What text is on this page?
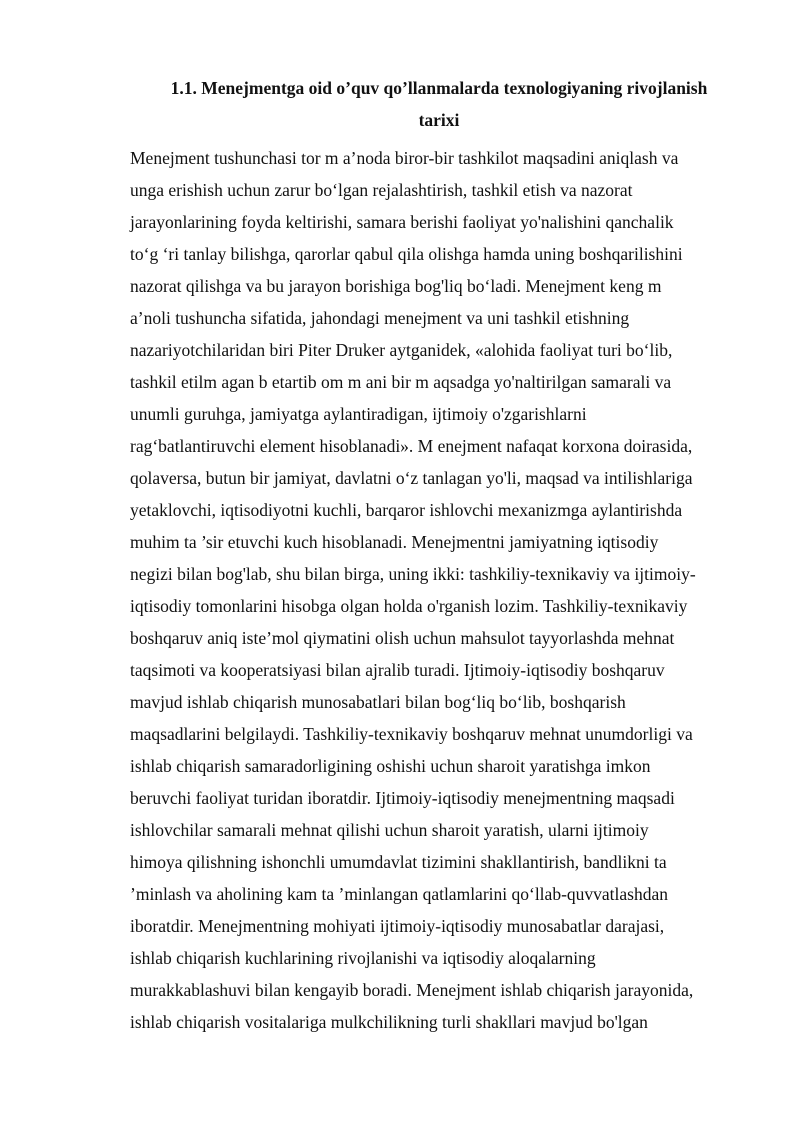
1.1. Menejmentga oid o’quv qo’llanmalarda texnologiyaning rivojlanish
tarixi
Menejment tushunchasi tor m a’noda biror-bir tashkilot maqsadini aniqlash va
unga erishish uchun zarur boʻlgan rejalashtirish, tashkil etish va nazorat
jarayonlarining foyda keltirishi, samara berishi faoliyat yo'nalishini qanchalik
toʻg ʻri tanlay bilishga, qarorlar qabul qila olishga hamda uning boshqarilishini
nazorat qilishga va bu jarayon borishiga bog'liq boʻladi. Menejment keng m
a’noli tushuncha sifatida, jahondagi menejment va uni tashkil etishning
nazariyotchilaridan biri Piter Druker aytganidek, «alohida faoliyat turi boʻlib,
tashkil etilm agan b etartib om m ani bir m aqsadga yo'naltirilgan samarali va
unumli guruhga, jamiyatga aylantiradigan, ijtimoiy o'zgarishlarni
ragʻbatlantiruvchi element hisoblanadi». M enejment nafaqat korxona doirasida,
qolaversa, butun bir jamiyat, davlatni oʻz tanlagan yo'li, maqsad va intilishlariga
yetaklovchi, iqtisodiyotni kuchli, barqaror ishlovchi mexanizmga aylantirishda
muhim ta ’sir etuvchi kuch hisoblanadi. Menejmentni jamiyatning iqtisodiy
negizi bilan bog'lab, shu bilan birga, uning ikki: tashkiliy-texnikaviy va ijtimoiy-
iqtisodiy tomonlarini hisobga olgan holda o'rganish lozim. Tashkiliy-texnikaviy
boshqaruv aniq iste’mol qiymatini olish uchun mahsulot tayyorlashda mehnat
taqsimoti va kooperatsiyasi bilan ajralib turadi. Ijtimoiy-iqtisodiy boshqaruv
mavjud ishlab chiqarish munosabatlari bilan bogʻliq boʻlib, boshqarish
maqsadlarini belgilaydi. Tashkiliy-texnikaviy boshqaruv mehnat unumdorligi va
ishlab chiqarish samaradorligining oshishi uchun sharoit yaratishga imkon
beruvchi faoliyat turidan iboratdir. Ijtimoiy-iqtisodiy menejmentning maqsadi
ishlovchilar samarali mehnat qilishi uchun sharoit yaratish, ularni ijtimoiy
himoya qilishning ishonchli umumdavlat tizimini shakllantirish, bandlikni ta
’minlash va aholining kam ta ’minlangan qatlamlarini qoʻllab-quvvatlashdan
iboratdir. Menejmentning mohiyati ijtimoiy-iqtisodiy munosabatlar darajasi,
ishlab chiqarish kuchlarining rivojlanishi va iqtisodiy aloqalarning
murakkablashuvi bilan kengayib boradi. Menejment ishlab chiqarish jarayonida,
ishlab chiqarish vositalariga mulkchilikning turli shakllari mavjud bo'lgan
